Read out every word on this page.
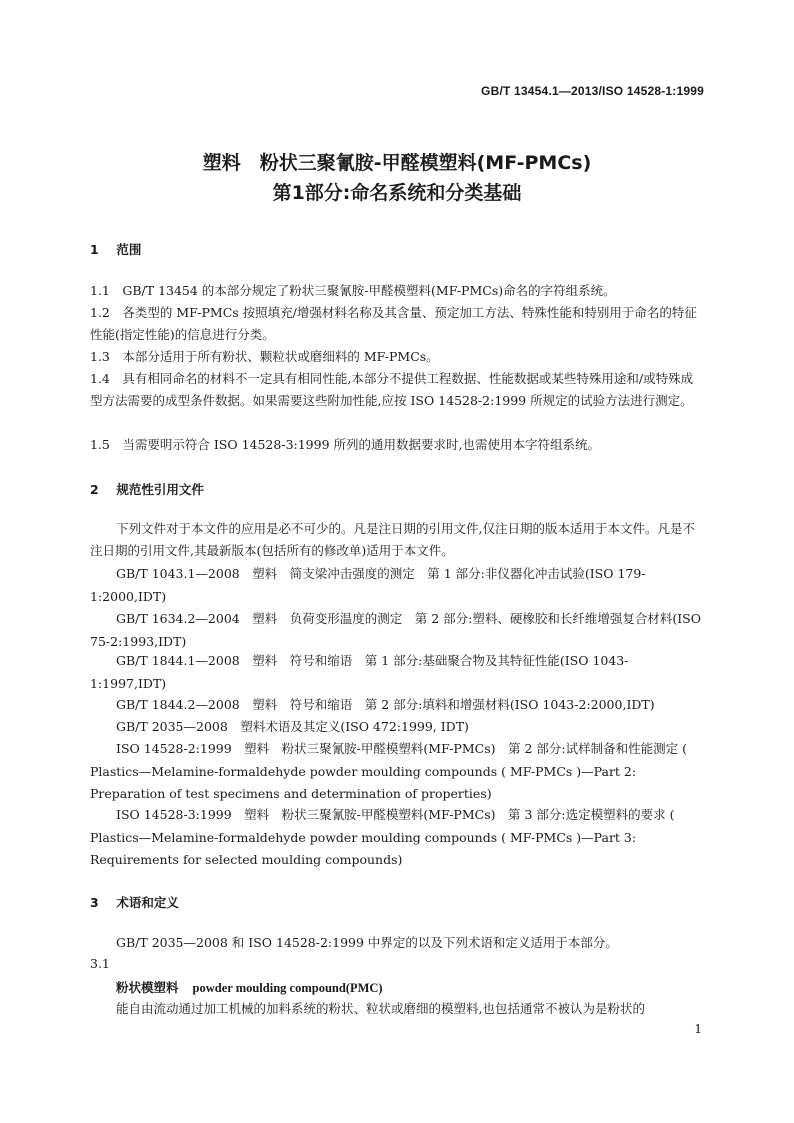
GB/T 13454.1—2013/ISO 14528-1:1999
塑料　粉状三聚氰胺-甲醛模塑料(MF-PMCs)
第1部分:命名系统和分类基础
1 范围
1.1　GB/T 13454 的本部分规定了粉状三聚氰胺-甲醛模塑料(MF-PMCs)命名的字符组系统。
1.2　各类型的 MF-PMCs 按照填充/增强材料名称及其含量、预定加工方法、特殊性能和特别用于命名的特征性能(指定性能)的信息进行分类。
1.3　本部分适用于所有粉状、颗粒状或磨细料的 MF-PMCs。
1.4　具有相同命名的材料不一定具有相同性能,本部分不提供工程数据、性能数据或某些特殊用途和/或特殊成型方法需要的成型条件数据。如果需要这些附加性能,应按 ISO 14528-2:1999 所规定的试验方法进行测定。
1.5　当需要明示符合 ISO 14528-3:1999 所列的通用数据要求时,也需使用本字符组系统。
2 规范性引用文件
下列文件对于本文件的应用是必不可少的。凡是注日期的引用文件,仅注日期的版本适用于本文件。凡是不注日期的引用文件,其最新版本(包括所有的修改单)适用于本文件。
GB/T 1043.1—2008　塑料　简支梁冲击强度的测定　第 1 部分:非仪器化冲击试验(ISO 179-1:2000,IDT)
GB/T 1634.2—2004　塑料　负荷变形温度的测定　第 2 部分:塑料、硬橡胶和长纤维增强复合材料(ISO 75-2:1993,IDT)
GB/T 1844.1—2008　塑料　符号和缩语　第 1 部分:基础聚合物及其特征性能(ISO 1043-1:1997,IDT)
GB/T 1844.2—2008　塑料　符号和缩语　第 2 部分:填料和增强材料(ISO 1043-2:2000,IDT)
GB/T 2035—2008　塑料术语及其定义(ISO 472:1999, IDT)
ISO 14528-2:1999　塑料　粉状三聚氰胺-甲醛模塑料(MF-PMCs)　第 2 部分:试样制备和性能测定 ( Plastics—Melamine-formaldehyde powder moulding compounds ( MF-PMCs )—Part 2: Preparation of test specimens and determination of properties)
ISO 14528-3:1999　塑料　粉状三聚氰胺-甲醛模塑料(MF-PMCs)　第 3 部分:选定模塑料的要求 ( Plastics—Melamine-formaldehyde powder moulding compounds ( MF-PMCs )—Part 3: Requirements for selected moulding compounds)
3 术语和定义
GB/T 2035—2008 和 ISO 14528-2:1999 中界定的以及下列术语和定义适用于本部分。
3.1
粉状模塑料 powder moulding compound(PMC)
能自由流动通过加工机械的加料系统的粉状、粒状或磨细的模塑料,也包括通常不被认为是粉状的
1
